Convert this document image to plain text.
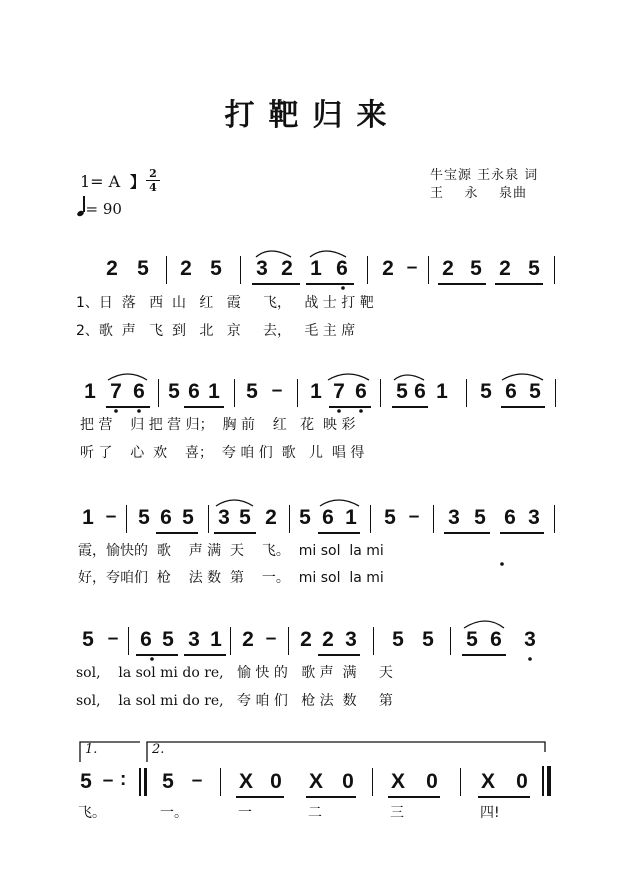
打靶归来
牛宝源 王永泉 词
王    永    泉曲
1= A 】 2
4
= 90
2 5 2 5 3 2 1 6 2 – 2 5 2 5
1、日  落   西  山   红   霞     飞，   战 士 打 靶
2、歌  声   飞  到   北   京     去，   毛 主 席
1 7 6 5 6 1 5 – 1 7 6 5 6 1 5 6 5
把 营    归 把 营 归；  胸 前    红   花  映 彩
听 了    心  欢    喜；  夸 咱 们  歌   儿  唱 得
1 – 5 6 5 3 5 2 5 6 1 5 – 3 5 6 3
霞，愉快的  歌    声 满  天    飞。  mi sol  la mi
好，夸咱们  枪    法 数  第    一。  mi sol  la mi
5 – 6 5 3 1 2 – 2 2 3 5 5 5 6 3
sol,    la sol mi do re,   愉 快 的   歌 声  满     天
sol,    la sol mi do re,   夸 咱 们   枪 法  数     第
1.	2.
5 – : 5 – X 0 X 0 X 0 X 0
飞。	一。	一	二	三	四!
